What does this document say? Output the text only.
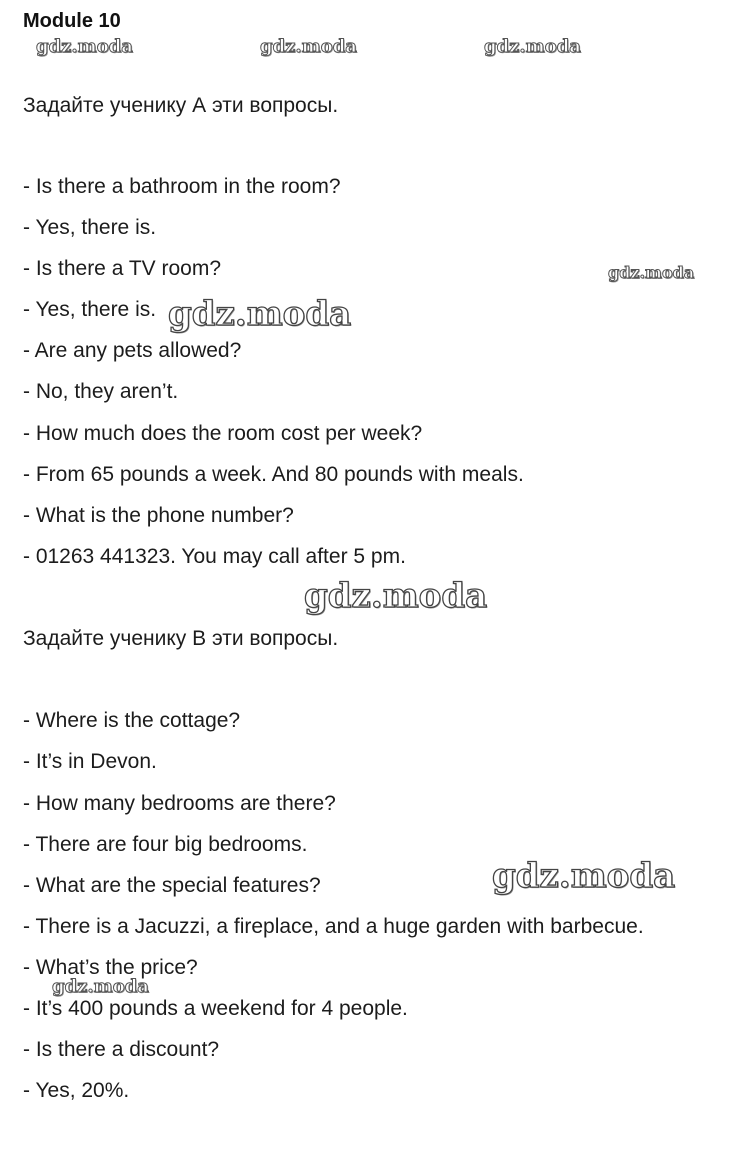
Module 10
Задайте ученику А эти вопросы.
- Is there a bathroom in the room?
- Yes, there is.
- Is there a TV room?
- Yes, there is.
- Are any pets allowed?
- No, they aren’t.
- How much does the room cost per week?
- From 65 pounds a week. And 80 pounds with meals.
- What is the phone number?
- 01263 441323. You may call after 5 pm.
Задайте ученику В эти вопросы.
- Where is the cottage?
- It’s in Devon.
- How many bedrooms are there?
- There are four big bedrooms.
- What are the special features?
- There is a Jacuzzi, a fireplace, and a huge garden with barbecue.
- What’s the price?
- It’s 400 pounds a weekend for 4 people.
- Is there a discount?
- Yes, 20%.
gdz.moda	gdz.moda	gdz.moda
gdz.moda
gdz.moda
gdz.moda
gdz.moda
gdz.moda
